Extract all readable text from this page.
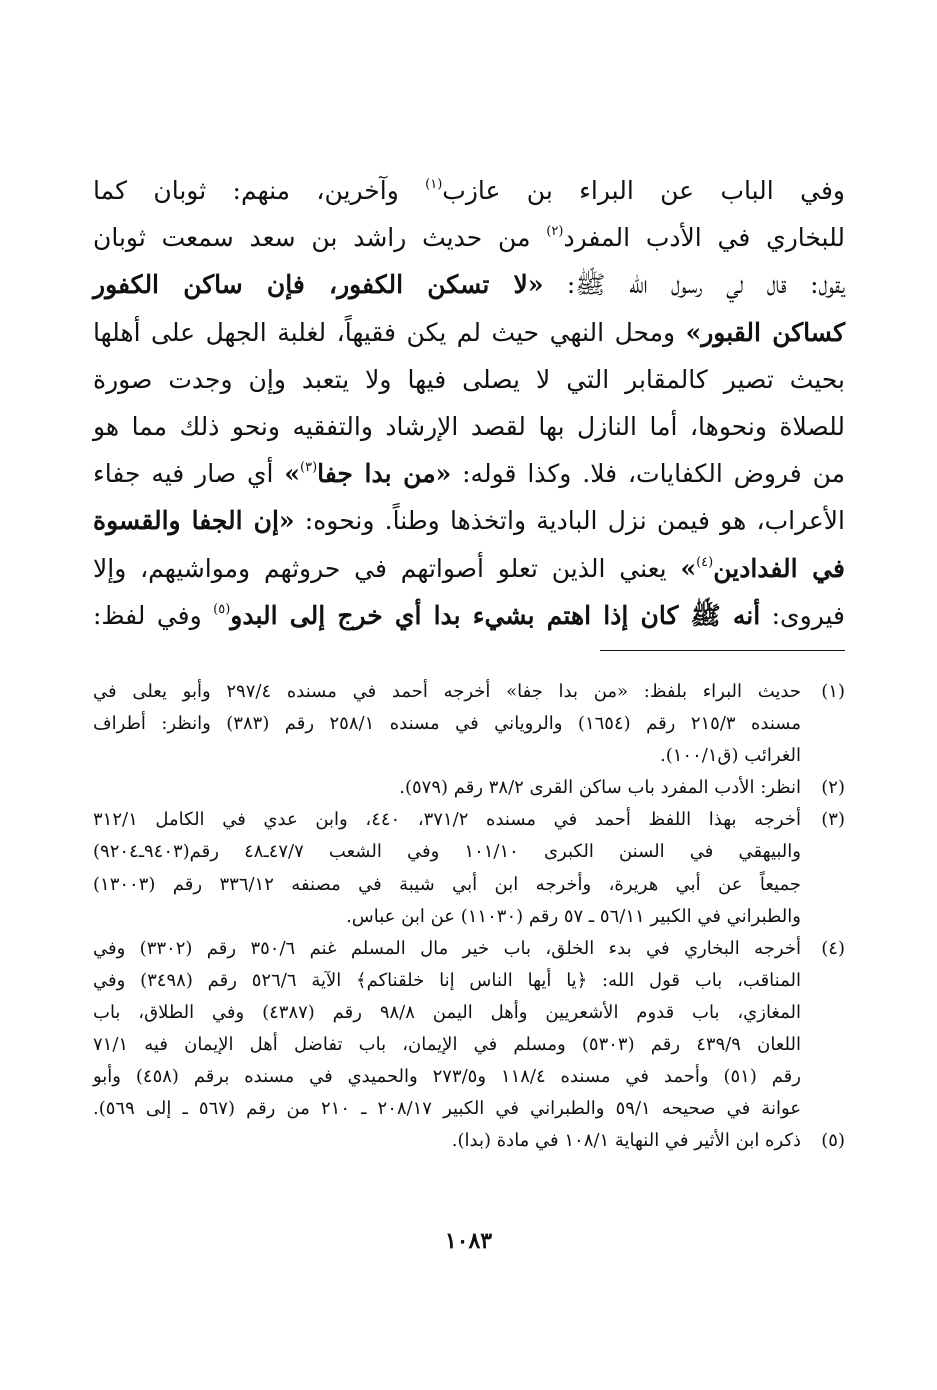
وفي الباب عن البراء بن عازب$^{(١)}$ وآخرين، منهم: ثوبان كما
للبخاري في الأدب المفرد$^{(٢)}$ من حديث راشد بن سعد سمعت ثوبان
يقول: قال لي رسول الله ﷺ: «لا تسكن الكفور، فإن ساكن الكفور
كساكن القبور» ومحل النهي حيث لم يكن فقيهاً، لغلبة الجهل على أهلها
بحيث تصير كالمقابر التي لا يصلى فيها ولا يتعبد وإن وجدت صورة
للصلاة ونحوها، أما النازل بها لقصد الإرشاد والتفقيه ونحو ذلك مما هو
من فروض الكفايات، فلا. وكذا قوله: «من بدا جفا$^{(٣)}$» أي صار فيه جفاء
الأعراب، هو فيمن نزل البادية واتخذها وطناً. ونحوه: «إن الجفا والقسوة
في الفدادين$^{(٤)}$» يعني الذين تعلو أصواتهم في حروثهم ومواشيهم، وإلا
فيروى: أنه ﷺ كان إذا اهتم بشيء بدا أي خرج إلى البدو$^{(٥)}$ وفي لفظ:
(١)
حديث البراء بلفظ: «من بدا جفا» أخرجه أحمد في مسنده ٢٩٧/٤ وأبو يعلى في
مسنده ٢١٥/٣ رقم (١٦٥٤) والروياني في مسنده ٢٥٨/١ رقم (٣٨٣) وانظر: أطراف
الغرائب (ق١٠٠/١).
(٢)
انظر: الأدب المفرد باب ساكن القرى ٣٨/٢ رقم (٥٧٩).
(٣)
أخرجه بهذا اللفظ أحمد في مسنده ٣٧١/٢، ٤٤٠، وابن عدي في الكامل ٣١٢/١
والبيهقي في السنن الكبرى ١٠١/١٠ وفي الشعب ٤٧/٧ـ٤٨ رقم(٩٤٠٣ـ٩٢٠٤)
جميعاً عن أبي هريرة، وأخرجه ابن أبي شيبة في مصنفه ٣٣٦/١٢ رقم (١٣٠٠٣)
والطبراني في الكبير ٥٦/١١ ـ ٥٧ رقم (١١٠٣٠) عن ابن عباس.
(٤)
أخرجه البخاري في بدء الخلق، باب خير مال المسلم غنم ٣٥٠/٦ رقم (٣٣٠٢) وفي
المناقب، باب قول الله: ﴿يا أيها الناس إنا خلقناكم﴾ الآية ٥٢٦/٦ رقم (٣٤٩٨) وفي
المغازي، باب قدوم الأشعريين وأهل اليمن ٩٨/٨ رقم (٤٣٨٧) وفي الطلاق، باب
اللعان ٤٣٩/٩ رقم (٥٣٠٣) ومسلم في الإيمان، باب تفاضل أهل الإيمان فيه ٧١/١
رقم (٥١) وأحمد في مسنده ١١٨/٤ و٢٧٣/٥ والحميدي في مسنده برقم (٤٥٨) وأبو
عوانة في صحيحه ٥٩/١ والطبراني في الكبير ٢٠٨/١٧ ـ ٢١٠ من رقم (٥٦٧ ـ إلى ٥٦٩).
(٥)
ذكره ابن الأثير في النهاية ١٠٨/١ في مادة (بدا).
١٠٨٣
